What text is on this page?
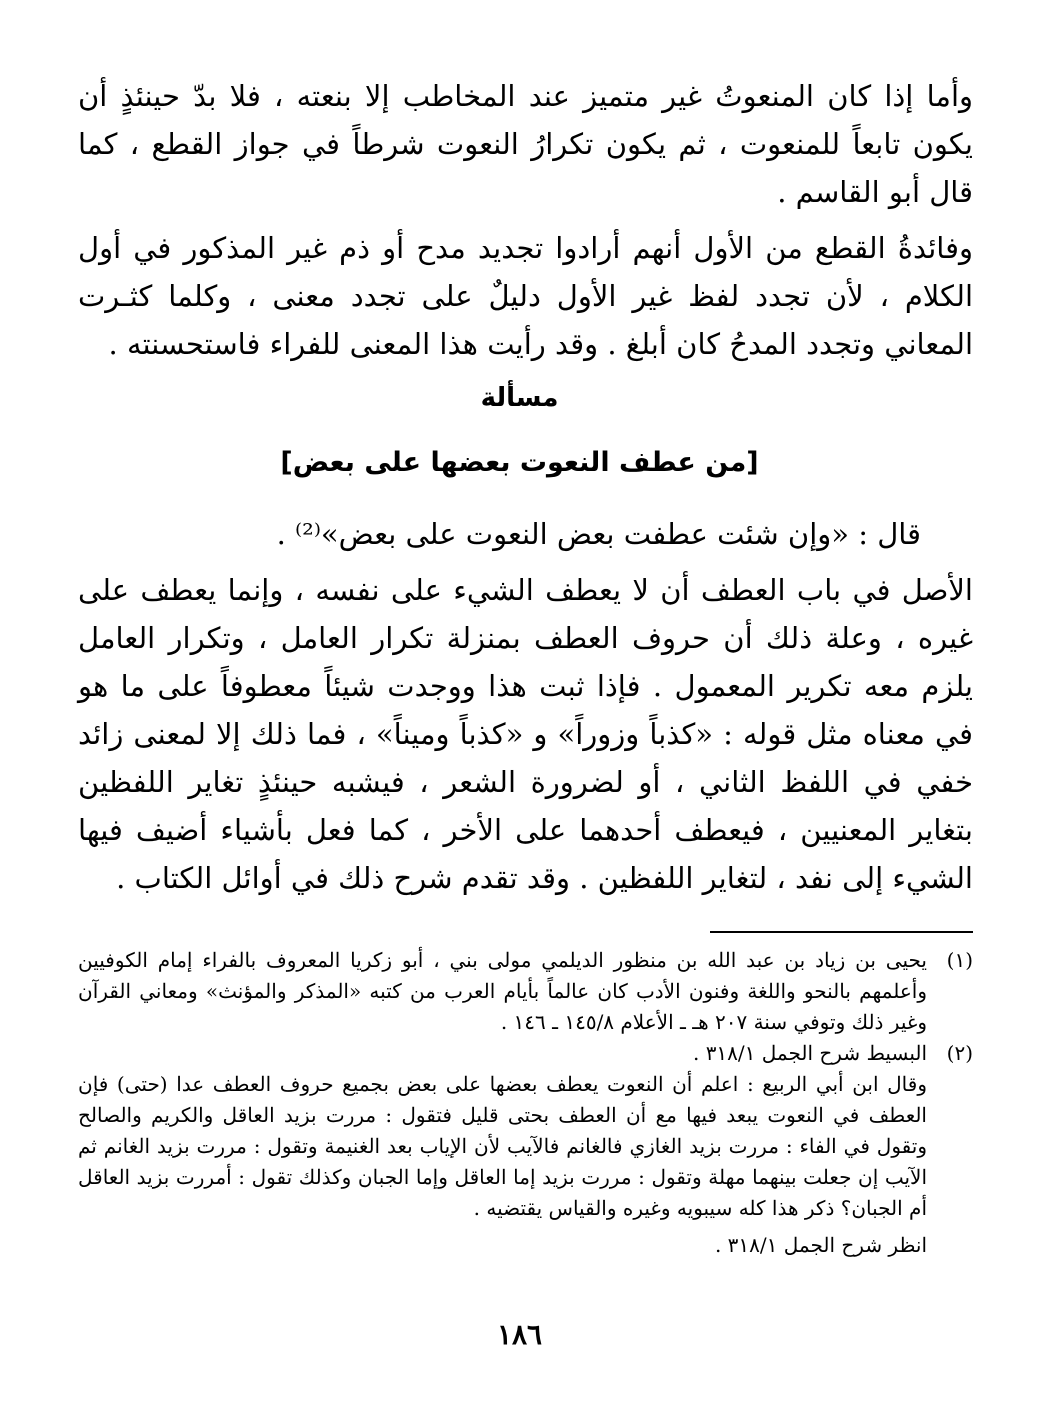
وأما إذا كان المنعوتُ غير متميز عند المخاطب إلا بنعته ، فلا بدّ حينئذٍ أن يكون تابعاً للمنعوت ، ثم يكون تكرارُ النعوت شرطاً في جواز القطع ، كما قال أبو القاسم .

وفائدةُ القطع من الأول أنهم أرادوا تجديد مدح أو ذم غير المذكور في أول الكلام ، لأن تجدد لفظ غير الأول دليلٌ على تجدد معنى ، وكلما كثـرت المعاني وتجدد المدحُ كان أبلغ . وقد رأيت هذا المعنى للفراء فاستحسنته .

مسألة
[من عطف النعوت بعضها على بعض]

قال : «وإن شئت عطفت بعض النعوت على بعض»⁽²⁾ .

الأصل في باب العطف أن لا يعطف الشيء على نفسه ، وإنما يعطف على غيره ، وعلة ذلك أن حروف العطف بمنزلة تكرار العامل ، وتكرار العامل يلزم معه تكرير المعمول . فإذا ثبت هذا ووجدت شيئاً معطوفاً على ما هو في معناه مثل قوله : «كذباً وزوراً» و «كذباً وميناً» ، فما ذلك إلا لمعنى زائد خفي في اللفظ الثاني ، أو لضرورة الشعر ، فيشبه حينئذٍ تغاير اللفظين بتغاير المعنيين ، فيعطف أحدهما على الأخر ، كما فعل بأشياء أضيف فيها الشيء إلى نفد ، لتغاير اللفظين . وقد تقدم شرح ذلك في أوائل الكتاب .

(١)
يحيى بن زياد بن عبد الله بن منظور الديلمي مولى بني ، أبو زكريا المعروف بالفراء إمام الكوفيين وأعلمهم بالنحو واللغة وفنون الأدب كان عالماً بأيام العرب من كتبه «المذكر والمؤنث» ومعاني القرآن وغير ذلك وتوفي سنة ٢٠٧ هـ ـ الأعلام ١٤٥/٨ ـ ١٤٦ .

(٢)
البسيط شرح الجمل ٣١٨/١ .

وقال ابن أبي الربيع : اعلم أن النعوت يعطف بعضها على بعض بجميع حروف العطف عدا (حتى) فإن العطف في النعوت يبعد فيها مع أن العطف بحتى قليل فتقول : مررت بزيد العاقل والكريم والصالح وتقول في الفاء : مررت بزيد الغازي فالغانم فالآيب لأن الإياب بعد الغنيمة وتقول : مررت بزيد الغانم ثم الآيب إن جعلت بينهما مهلة وتقول : مررت بزيد إما العاقل وإما الجبان وكذلك تقول : أمررت بزيد العاقل أم الجبان؟ ذكر هذا كله سيبويه وغيره والقياس يقتضيه .

انظر شرح الجمل ٣١٨/١ .

١٨٦
